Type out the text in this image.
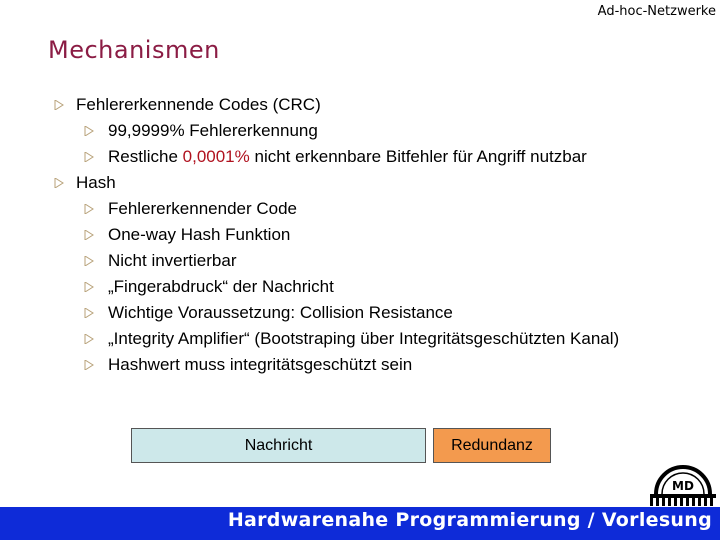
Ad-hoc-Netzwerke
Mechanismen
Fehlererkennende Codes (CRC)
99,9999% Fehlererkennung
Restliche 0,0001% nicht erkennbare Bitfehler für Angriff nutzbar
Hash
Fehlererkennender Code
One-way Hash Funktion
Nicht invertierbar
„Fingerabdruck“ der Nachricht
Wichtige Voraussetzung: Collision Resistance
„Integrity Amplifier“ (Bootstraping über Integritätsgeschützten Kanal)
Hashwert muss integritätsgeschützt sein
Nachricht	Redundanz
MD
Hardwarenahe Programmierung / Vorlesung
